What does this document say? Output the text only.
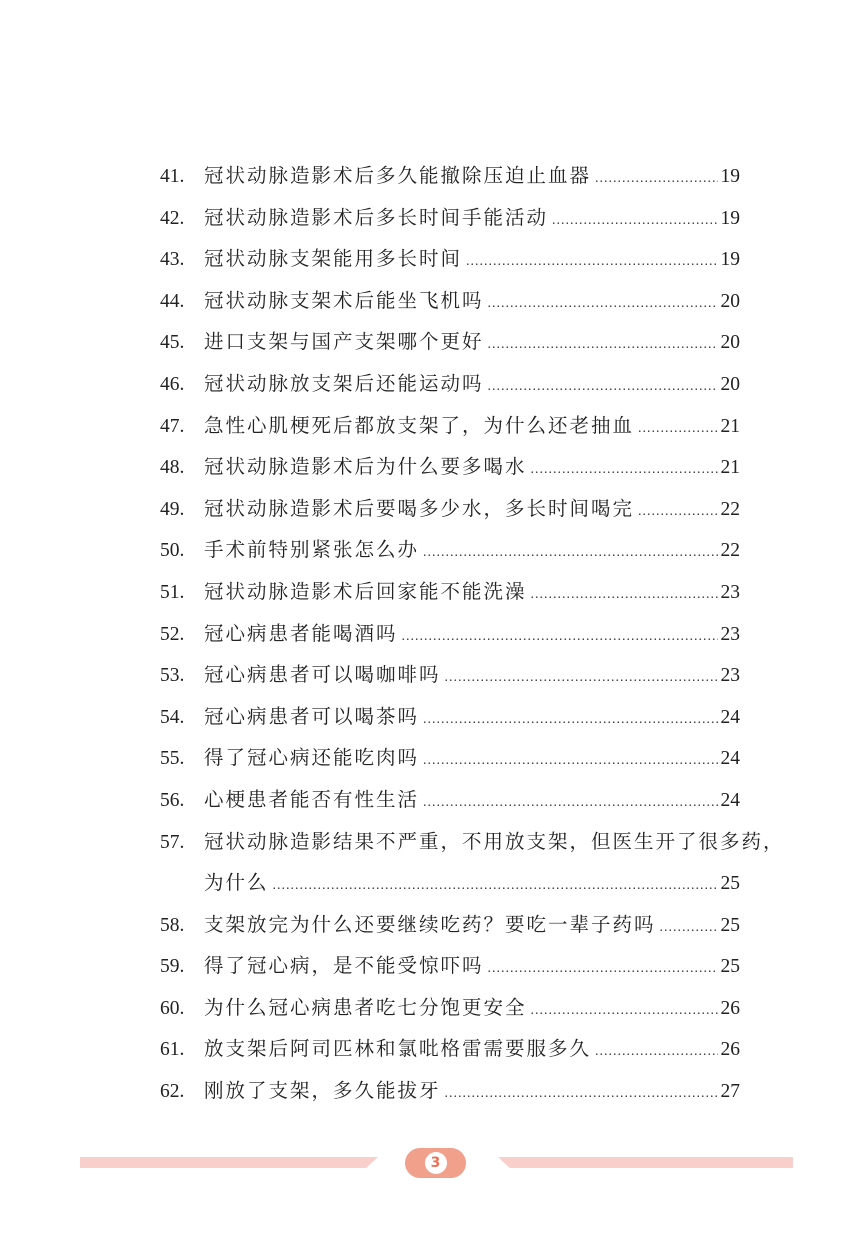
41.	冠状动脉造影术后多久能撤除压迫止血器 .....	19
42.	冠状动脉造影术后多长时间手能活动 .....	19
43.	冠状动脉支架能用多长时间 .....	19
44.	冠状动脉支架术后能坐飞机吗 .....	20
45.	进口支架与国产支架哪个更好 .....	20
46.	冠状动脉放支架后还能运动吗 .....	20
47.	急性心肌梗死后都放支架了，为什么还老抽血 .....	21
48.	冠状动脉造影术后为什么要多喝水 .....	21
49.	冠状动脉造影术后要喝多少水，多长时间喝完 .....	22
50.	手术前特别紧张怎么办 .....	22
51.	冠状动脉造影术后回家能不能洗澡 .....	23
52.	冠心病患者能喝酒吗 .....	23
53.	冠心病患者可以喝咖啡吗 .....	23
54.	冠心病患者可以喝茶吗 .....	24
55.	得了冠心病还能吃肉吗 .....	24
56.	心梗患者能否有性生活 .....	24
57.	冠状动脉造影结果不严重，不用放支架，但医生开了很多药，
为什么 .....	25
58.	支架放完为什么还要继续吃药？要吃一辈子药吗 .....	25
59.	得了冠心病，是不能受惊吓吗 .....	25
60.	为什么冠心病患者吃七分饱更安全 .....	26
61.	放支架后阿司匹林和氯吡格雷需要服多久 .....	26
62.	刚放了支架，多久能拔牙 .....	27
3
